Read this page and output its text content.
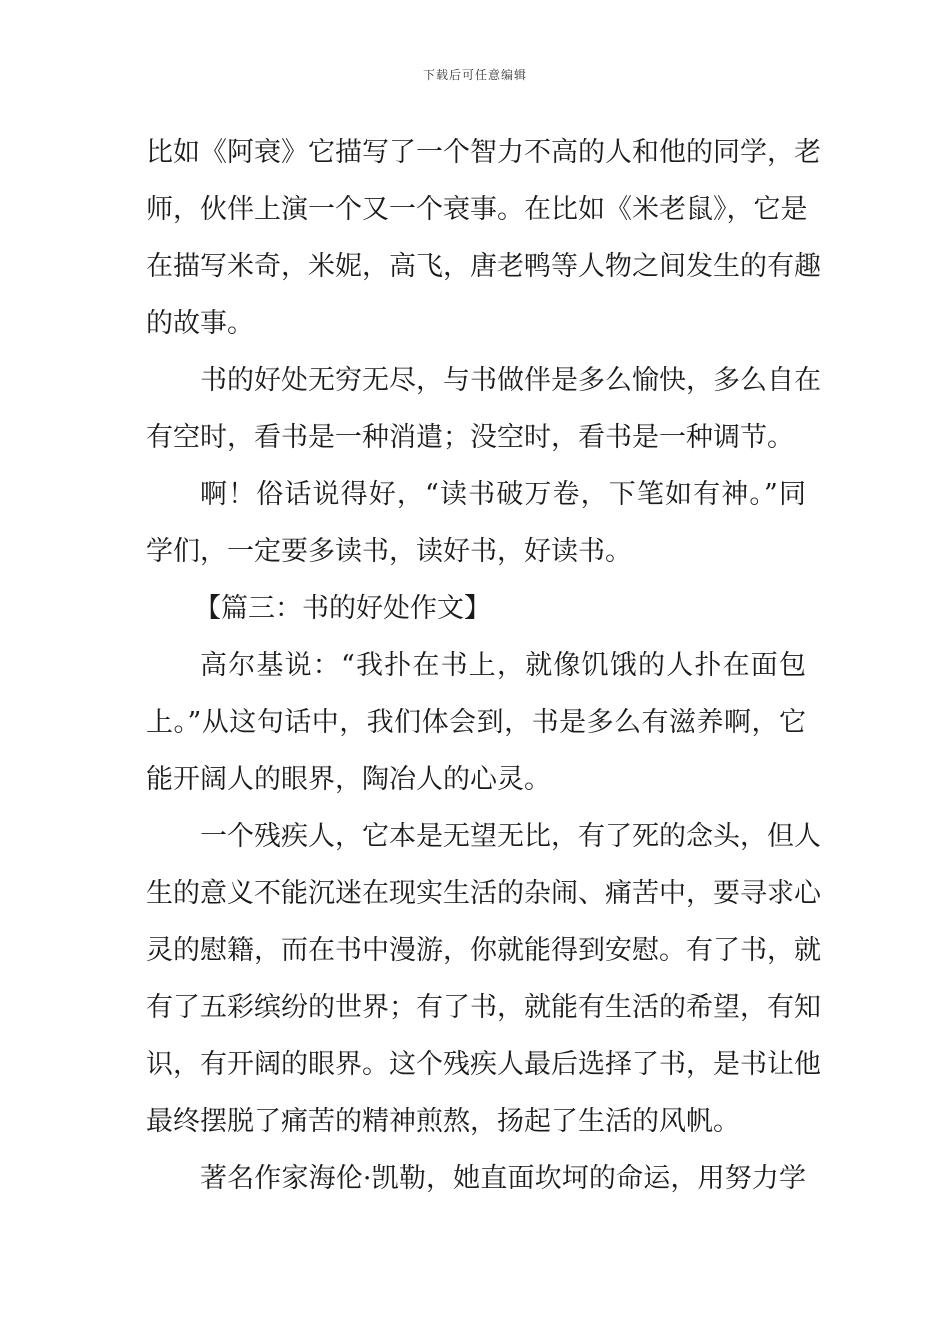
下载后可任意编辑
比如《阿衰》它描写了一个智力不高的人和他的同学，老
师，伙伴上演一个又一个衰事。在比如《米老鼠》，它是
在描写米奇，米妮，高飞，唐老鸭等人物之间发生的有趣
的故事。
书的好处无穷无尽，与书做伴是多么愉快，多么自在
有空时，看书是一种消遣；没空时，看书是一种调节。
啊！俗话说得好，“读书破万卷，下笔如有神。”同
学们，一定要多读书，读好书，好读书。
【篇三：书的好处作文】
高尔基说：“我扑在书上，就像饥饿的人扑在面包
上。”从这句话中，我们体会到，书是多么有滋养啊，它
能开阔人的眼界，陶冶人的心灵。
一个残疾人，它本是无望无比，有了死的念头，但人
生的意义不能沉迷在现实生活的杂闹、痛苦中，要寻求心
灵的慰籍，而在书中漫游，你就能得到安慰。有了书，就
有了五彩缤纷的世界；有了书，就能有生活的希望，有知
识，有开阔的眼界。这个残疾人最后选择了书，是书让他
最终摆脱了痛苦的精神煎熬，扬起了生活的风帆。
著名作家海伦·凯勒，她直面坎坷的命运，用努力学
